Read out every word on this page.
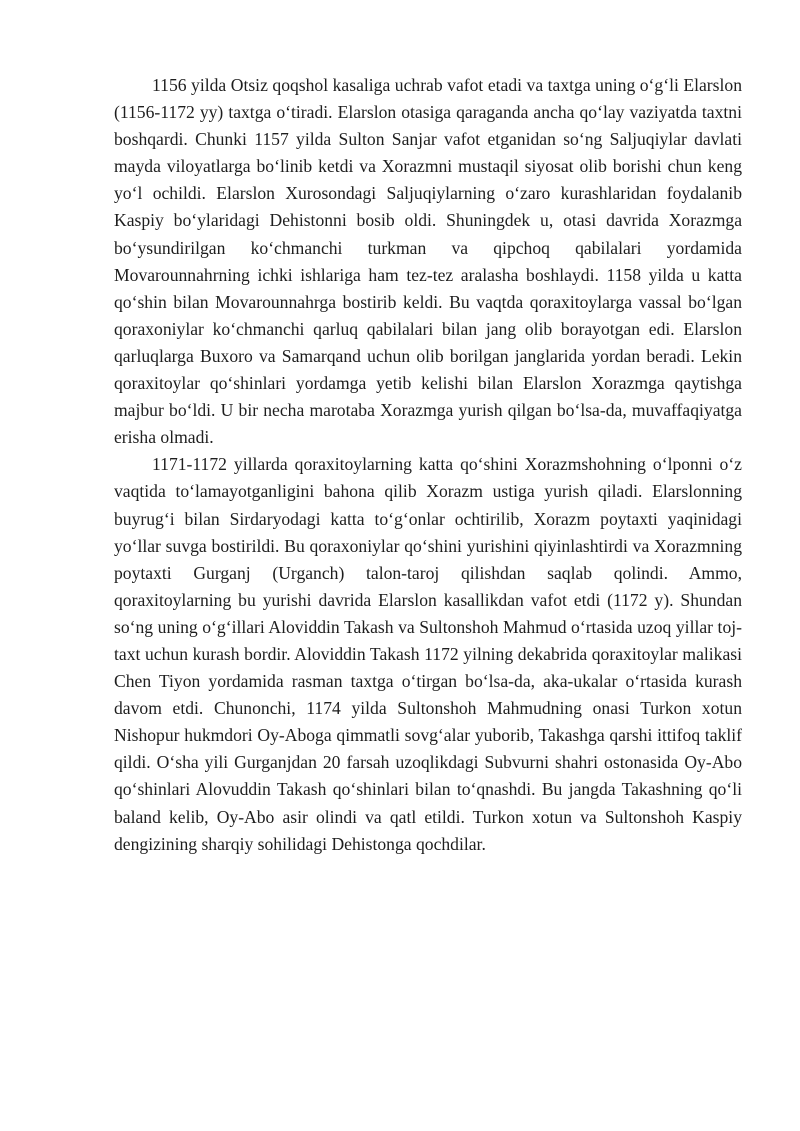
1156 yilda Otsiz qoqshol kasaliga uchrab vafot etadi va taxtga uning o‘g‘li Elarslon (1156-1172 yy) taxtga o‘tiradi. Elarslon otasiga qaraganda ancha qo‘lay vaziyatda taxtni boshqardi. Chunki 1157 yilda Sulton Sanjar vafot etganidan so‘ng Saljuqiylar davlati mayda viloyatlarga bo‘linib ketdi va Xorazmni mustaqil siyosat olib borishi chun keng yo‘l ochildi. Elarslon Xurosondagi Saljuqiylarning o‘zaro kurashlaridan foydalanib Kaspiy bo‘ylaridagi Dehistonni bosib oldi. Shuningdek u, otasi davrida Xorazmga bo‘ysundirilgan ko‘chmanchi turkman va qipchoq qabilalari yordamida Movarounnahrning ichki ishlariga ham tez-tez aralasha boshlaydi. 1158 yilda u katta qo‘shin bilan Movarounnahrga bostirib keldi. Bu vaqtda qoraxitoylarga vassal bo‘lgan qoraxoniylar ko‘chmanchi qarluq qabilalari bilan jang olib borayotgan edi. Elarslon qarluqlarga Buxoro va Samarqand uchun olib borilgan janglarida yordan beradi. Lekin qoraxitoylar qo‘shinlari yordamga yetib kelishi bilan Elarslon Xorazmga qaytishga majbur bo‘ldi. U bir necha marotaba Xorazmga yurish qilgan bo‘lsa-da, muvaffaqiyatga erisha olmadi.

1171-1172 yillarda qoraxitoylarning katta qo‘shini Xorazmshohning o‘lponni o‘z vaqtida to‘lamayotganligini bahona qilib Xorazm ustiga yurish qiladi. Elarslonning buyrug‘i bilan Sirdaryodagi katta to‘g‘onlar ochtirilib, Xorazm poytaxti yaqinidagi yo‘llar suvga bostirildi. Bu qoraxoniylar qo‘shini yurishini qiyinlashtirdi va Xorazmning poytaxti Gurganj (Urganch) talon-taroj qilishdan saqlab qolindi. Ammo, qoraxitoylarning bu yurishi davrida Elarslon kasallikdan vafot etdi (1172 y). Shundan so‘ng uning o‘g‘illari Aloviddin Takash va Sultonshoh Mahmud o‘rtasida uzoq yillar toj-taxt uchun kurash bordir. Aloviddin Takash 1172 yilning dekabrida qoraxitoylar malikasi Chen Tiyon yordamida rasman taxtga o‘tirgan bo‘lsa-da, aka-ukalar o‘rtasida kurash davom etdi. Chunonchi, 1174 yilda Sultonshoh Mahmudning onasi Turkon xotun Nishopur hukmdori Oy-Aboga qimmatli sovg‘alar yuborib, Takashga qarshi ittifoq taklif qildi. O‘sha yili Gurganjdan 20 farsah uzoqlikdagi Subvurni shahri ostonasida Oy-Abo qo‘shinlari Alovuddin Takash qo‘shinlari bilan to‘qnashdi. Bu jangda Takashning qo‘li baland kelib, Oy-Abo asir olindi va qatl etildi. Turkon xotun va Sultonshoh Kaspiy dengizining sharqiy sohilidagi Dehistonga qochdilar.
